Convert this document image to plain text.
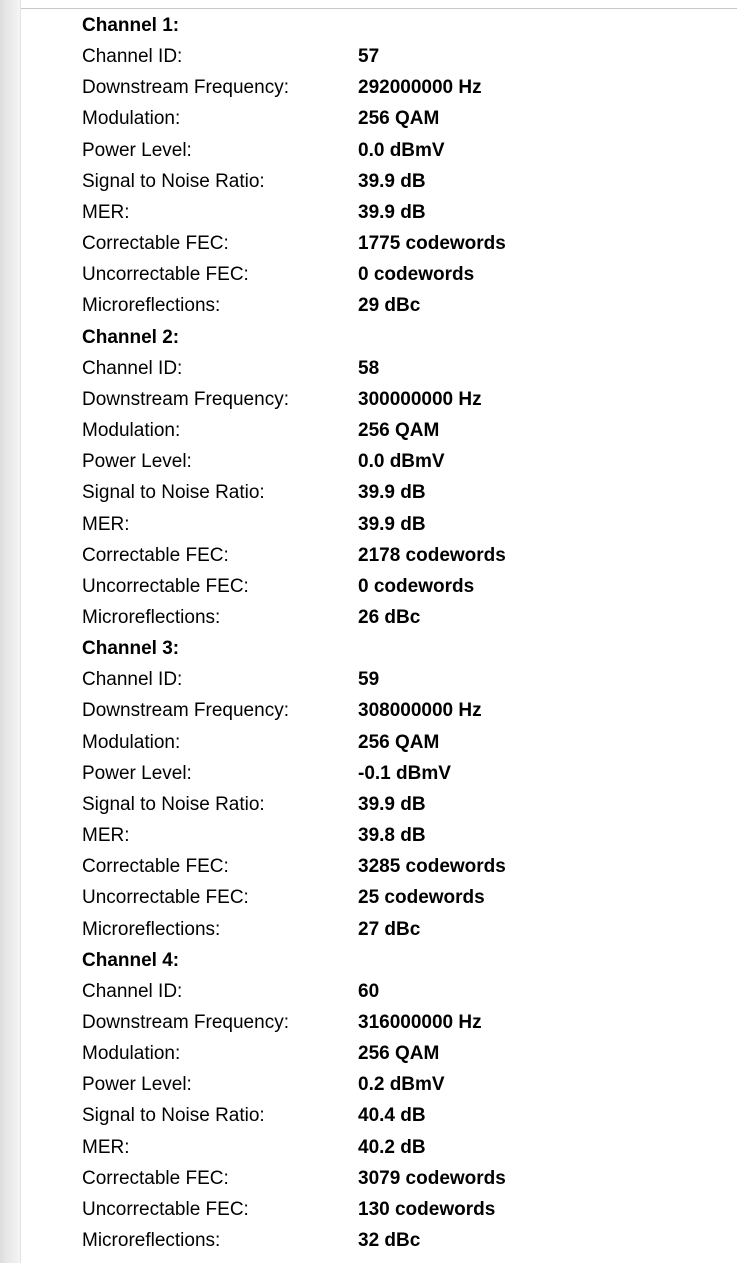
Channel 1:
Channel ID:	57
Downstream Frequency:	292000000 Hz
Modulation:	256 QAM
Power Level:	0.0 dBmV
Signal to Noise Ratio:	39.9 dB
MER:	39.9 dB
Correctable FEC:	1775 codewords
Uncorrectable FEC:	0 codewords
Microreflections:	29 dBc
Channel 2:
Channel ID:	58
Downstream Frequency:	300000000 Hz
Modulation:	256 QAM
Power Level:	0.0 dBmV
Signal to Noise Ratio:	39.9 dB
MER:	39.9 dB
Correctable FEC:	2178 codewords
Uncorrectable FEC:	0 codewords
Microreflections:	26 dBc
Channel 3:
Channel ID:	59
Downstream Frequency:	308000000 Hz
Modulation:	256 QAM
Power Level:	-0.1 dBmV
Signal to Noise Ratio:	39.9 dB
MER:	39.8 dB
Correctable FEC:	3285 codewords
Uncorrectable FEC:	25 codewords
Microreflections:	27 dBc
Channel 4:
Channel ID:	60
Downstream Frequency:	316000000 Hz
Modulation:	256 QAM
Power Level:	0.2 dBmV
Signal to Noise Ratio:	40.4 dB
MER:	40.2 dB
Correctable FEC:	3079 codewords
Uncorrectable FEC:	130 codewords
Microreflections:	32 dBc
